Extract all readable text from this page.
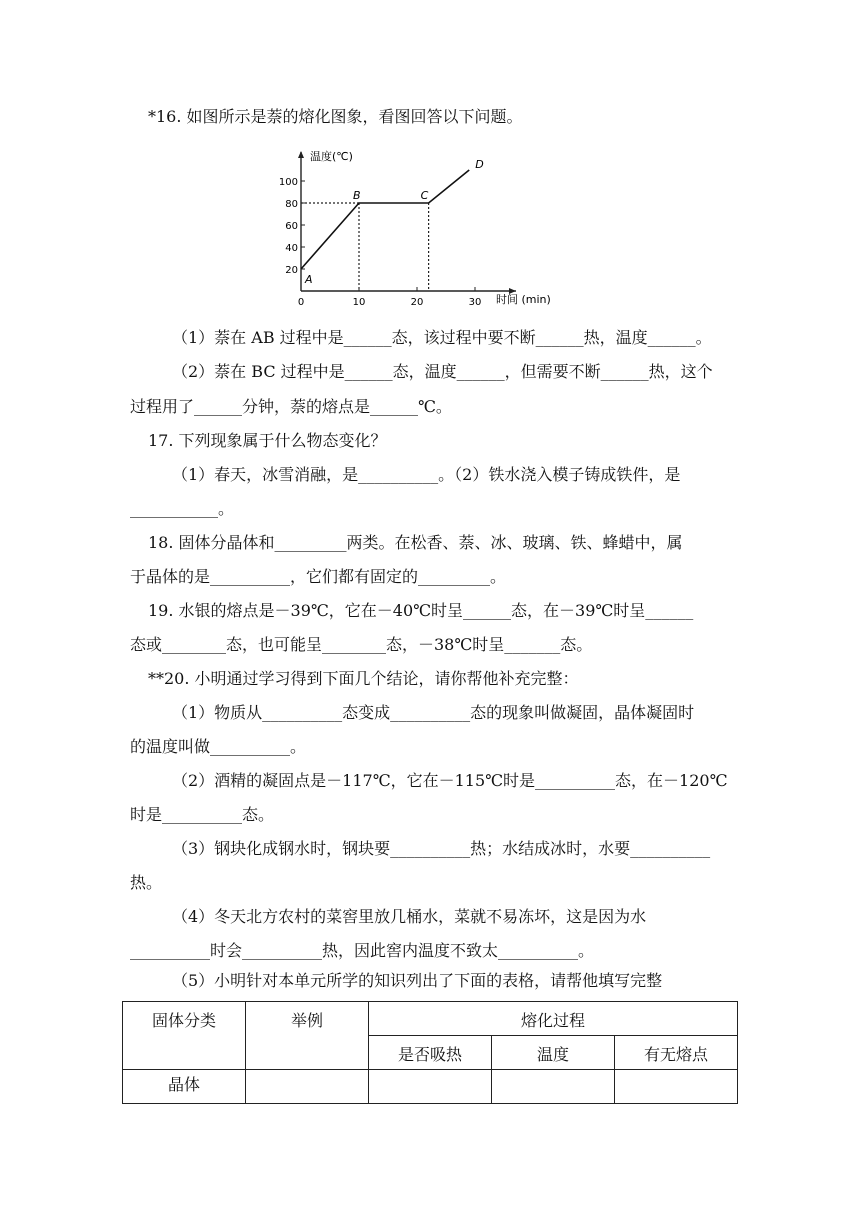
*16. 如图所示是萘的熔化图象，看图回答以下问题。
20
40
60
80
100
0	10	20	30
A
B	C
D
温度(℃)
时间 (min)
（1）萘在 AB 过程中是______态，该过程中要不断______热，温度______。
（2）萘在 BC 过程中是______态，温度______，但需要不断______热，这个
过程用了______分钟，萘的熔点是______℃。
17. 下列现象属于什么物态变化？
（1）春天，冰雪消融，是__________。（2）铁水浇入模子铸成铁件，是
___________。
18. 固体分晶体和_________两类。在松香、萘、冰、玻璃、铁、蜂蜡中，属
于晶体的是__________，它们都有固定的_________。
19. 水银的熔点是－39℃，它在－40℃时呈______态，在－39℃时呈______
态或________态，也可能呈________态，－38℃时呈_______态。
**20. 小明通过学习得到下面几个结论，请你帮他补充完整：
（1）物质从__________态变成__________态的现象叫做凝固，晶体凝固时
的温度叫做__________。
（2）酒精的凝固点是－117℃，它在－115℃时是__________态，在－120℃
时是__________态。
（3）钢块化成钢水时，钢块要__________热；水结成冰时，水要__________
热。
（4）冬天北方农村的菜窖里放几桶水，菜就不易冻坏，这是因为水
__________时会__________热，因此窖内温度不致太__________。
（5）小明针对本单元所学的知识列出了下面的表格，请帮他填写完整
固体分类	举例	熔化过程		
		是否吸热	温度	有无熔点
晶体				
